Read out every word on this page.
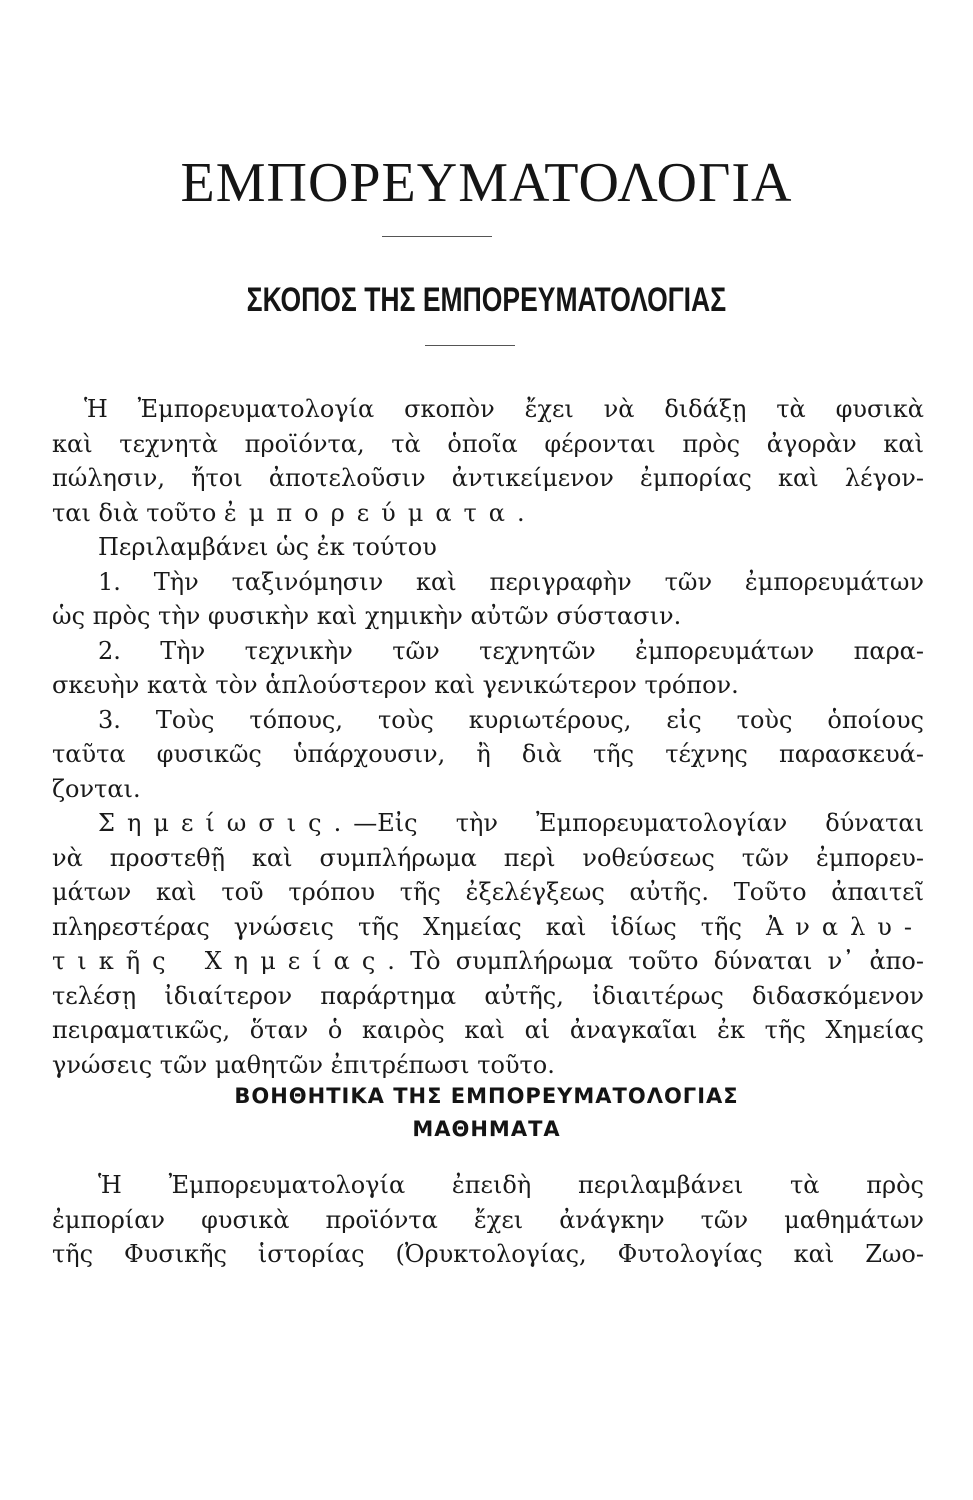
ΕΜΠΟΡΕΥΜΑΤΟΛΟΓΙΑ
ΣΚΟΠΟΣ ΤΗΣ ΕΜΠΟΡΕΥΜΑΤΟΛΟΓΙΑΣ
Ἡ Ἐμπορευματολογία σκοπὸν ἔχει νὰ διδάξῃ τὰ φυσικὰ
καὶ τεχνητὰ προϊόντα, τὰ ὁποῖα φέρονται πρὸς ἀγορὰν καὶ
πώλησιν, ἤτοι ἀποτελοῦσιν ἀντικείμενον ἐμπορίας καὶ λέγον-
ται διὰ τοῦτο ἐμπορεύματα.
Περιλαμβάνει ὡς ἐκ τούτου
1. Τὴν ταξινόμησιν καὶ περιγραφὴν τῶν ἐμπορευμάτων
ὡς πρὸς τὴν φυσικὴν καὶ χημικὴν αὐτῶν σύστασιν.
2. Τὴν τεχνικὴν τῶν τεχνητῶν ἐμπορευμάτων παρα-
σκευὴν κατὰ τὸν ἁπλούστερον καὶ γενικώτερον τρόπον.
3. Τοὺς τόπους, τοὺς κυριωτέρους, εἰς τοὺς ὁποίους
ταῦτα φυσικῶς ὑπάρχουσιν, ἢ διὰ τῆς τέχνης παρασκευά-
ζονται.
Σημείωσις.—Εἰς τὴν Ἐμπορευματολογίαν δύναται
νὰ προστεθῇ καὶ συμπλήρωμα περὶ νοθεύσεως τῶν ἐμπορευ-
μάτων καὶ τοῦ τρόπου τῆς ἐξελέγξεως αὐτῆς. Τοῦτο ἀπαιτεῖ
πληρεστέρας γνώσεις τῆς Χημείας καὶ ἰδίως τῆς Ἀναλυ-
τικῆς Χημείας. Τὸ συμπλήρωμα τοῦτο δύναται ν᾽ ἀπο-
τελέσῃ ἰδιαίτερον παράρτημα αὐτῆς, ἰδιαιτέρως διδασκόμενον
πειραματικῶς, ὅταν ὁ καιρὸς καὶ αἱ ἀναγκαῖαι ἐκ τῆς Χημείας
γνώσεις τῶν μαθητῶν ἐπιτρέπωσι τοῦτο.
ΒΟΗΘΗΤΙΚΑ ΤΗΣ ΕΜΠΟΡΕΥΜΑΤΟΛΟΓΙΑΣ
ΜΑΘΗΜΑΤΑ
Ἡ Ἐμπορευματολογία ἐπειδὴ περιλαμβάνει τὰ πρὸς
ἐμπορίαν φυσικὰ προϊόντα ἔχει ἀνάγκην τῶν μαθημάτων
τῆς Φυσικῆς ἱστορίας (Ὀρυκτολογίας, Φυτολογίας καὶ Ζωο-
